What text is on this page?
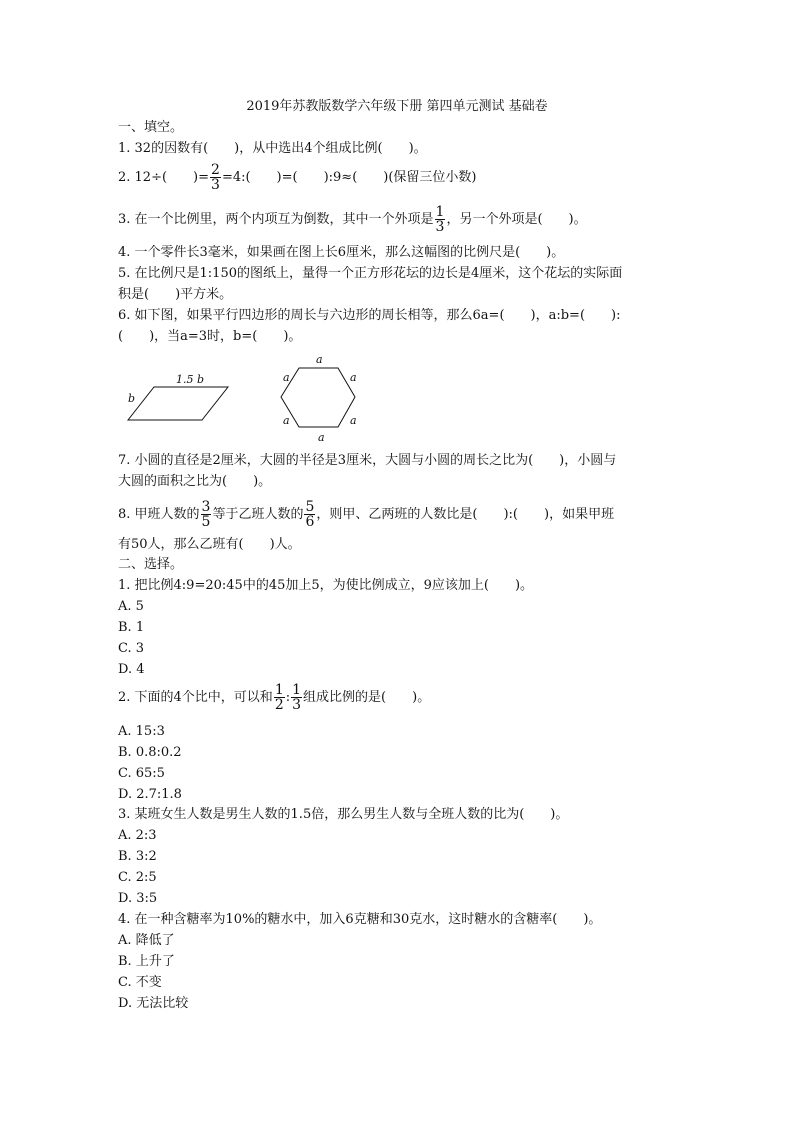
2019年苏教版数学六年级下册 第四单元测试 基础卷
一、填空。
1. 32的因数有(　　)，从中选出4个组成比例(　　)。
2. 12÷(　　)= $\frac{2}{3}$ =4:(　　)=(　　):9≈(　　)(保留三位小数)
3. 在一个比例里，两个内项互为倒数，其中一个外项是 $\frac{1}{3}$ ，另一个外项是(　　)。
4. 一个零件长3毫米，如果画在图上长6厘米，那么这幅图的比例尺是(　　)。
5. 在比例尺是1:150的图纸上，量得一个正方形花坛的边长是4厘米，这个花坛的实际面
积是(　　)平方米。
6. 如下图，如果平行四边形的周长与六边形的周长相等，那么6a=(　　)，a:b=(　　):
(　　)，当a=3时，b=(　　)。
1.5 b
b
a
a	a
a	a
a
7. 小圆的直径是2厘米，大圆的半径是3厘米，大圆与小圆的周长之比为(　　)，小圆与
大圆的面积之比为(　　)。
8. 甲班人数的 $\frac{3}{5}$ 等于乙班人数的 $\frac{5}{6}$ ，则甲、乙两班的人数比是(　　):(　　)，如果甲班
有50人，那么乙班有(　　)人。
二、选择。
1. 把比例4:9=20:45中的45加上5，为使比例成立，9应该加上(　　)。
A. 5
B. 1
C. 3
D. 4
2. 下面的4个比中，可以和 $\frac{1}{2}$ : $\frac{1}{3}$ 组成比例的是(　　)。
A. 15:3
B. 0.8:0.2
C. 65:5
D. 2.7:1.8
3. 某班女生人数是男生人数的1.5倍，那么男生人数与全班人数的比为(　　)。
A. 2:3
B. 3:2
C. 2:5
D. 3:5
4. 在一种含糖率为10%的糖水中，加入6克糖和30克水，这时糖水的含糖率(　　)。
A. 降低了
B. 上升了
C. 不变
D. 无法比较
